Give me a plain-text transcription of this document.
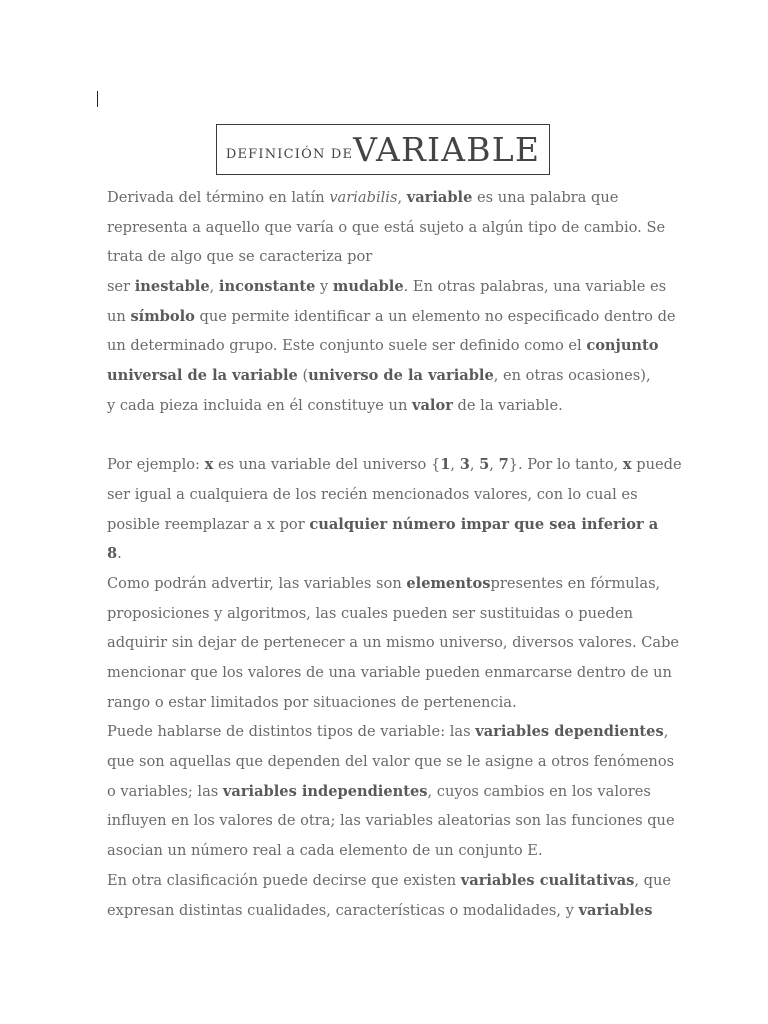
DEFINICIÓN DE VARIABLE
Derivada del término en latín variabilis, variable es una palabra que
representa a aquello que varía o que está sujeto a algún tipo de cambio. Se
trata de algo que se caracteriza por
ser inestable, inconstante y mudable. En otras palabras, una variable es
un símbolo que permite identificar a un elemento no especificado dentro de
un determinado grupo. Este conjunto suele ser definido como el conjunto
universal de la variable (universo de la variable, en otras ocasiones),
y cada pieza incluida en él constituye un valor de la variable.
Por ejemplo: x es una variable del universo {1, 3, 5, 7}. Por lo tanto, x puede
ser igual a cualquiera de los recién mencionados valores, con lo cual es
posible reemplazar a x por cualquier número impar que sea inferior a
8.
Como podrán advertir, las variables son elementospresentes en fórmulas,
proposiciones y algoritmos, las cuales pueden ser sustituidas o pueden
adquirir sin dejar de pertenecer a un mismo universo, diversos valores. Cabe
mencionar que los valores de una variable pueden enmarcarse dentro de un
rango o estar limitados por situaciones de pertenencia.
Puede hablarse de distintos tipos de variable: las variables dependientes,
que son aquellas que dependen del valor que se le asigne a otros fenómenos
o variables; las variables independientes, cuyos cambios en los valores
influyen en los valores de otra; las variables aleatorias son las funciones que
asocian un número real a cada elemento de un conjunto E.
En otra clasificación puede decirse que existen variables cualitativas, que
expresan distintas cualidades, características o modalidades, y variables
